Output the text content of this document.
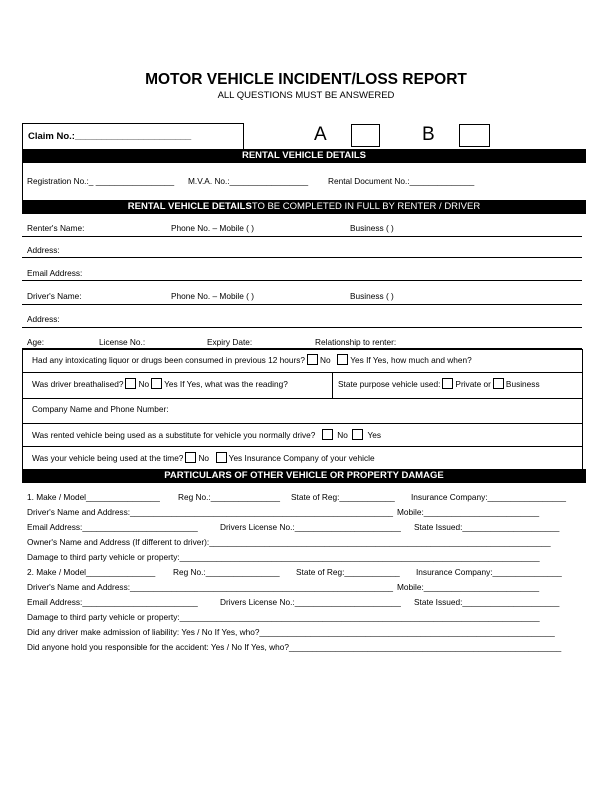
MOTOR VEHICLE INCIDENT/LOSS REPORT
ALL QUESTIONS MUST BE ANSWERED
Claim No.:______________________	A	B
RENTAL VEHICLE DETAILS
Registration No.:_ _________________ M.V.A. No.:_________________ Rental Document No.:______________
RENTAL VEHICLE DETAILSTO BE COMPLETED IN FULL BY RENTER / DRIVER
Renter's Name:	Phone No. – Mobile ( )	Business ( )
Address:
Email Address:
Driver's Name:	Phone No. – Mobile ( )	Business ( )
Address:
Age:	License No.:	Expiry Date:	Relationship to renter:
Had any intoxicating liquor or drugs been consumed in previous 12 hours? No Yes If Yes, how much and when?
Was driver breathalised? No Yes If Yes, what was the reading?	State purpose vehicle used: Private or Business
Company Name and Phone Number:
Was rented vehicle being used as a substitute for vehicle you normally drive?	No Yes
Was your vehicle being used at the time? No Yes Insurance Company of your vehicle
PARTICULARS OF OTHER VEHICLE OR PROPERTY DAMAGE
1. Make / Model________________ Reg No.:_______________ State of Reg:____________ Insurance Company:_________________
Driver's Name and Address:_________________________________________________________ Mobile:_________________________
Email Address:_________________________	Drivers License No.:_______________________ State Issued:_____________________
Owner's Name and Address (If different to driver):__________________________________________________________________________
Damage to third party vehicle or property:______________________________________________________________________________
2. Make / Model_______________ Reg No.:________________ State of Reg:____________ Insurance Company:_______________
Driver's Name and Address:_________________________________________________________ Mobile:_________________________
Email Address:_________________________	Drivers License No.:_______________________ State Issued:_____________________
Damage to third party vehicle or property:______________________________________________________________________________
Did any driver make admission of liability: Yes / No If Yes, who?________________________________________________________________
Did anyone hold you responsible for the accident: Yes / No If Yes, who?___________________________________________________________
